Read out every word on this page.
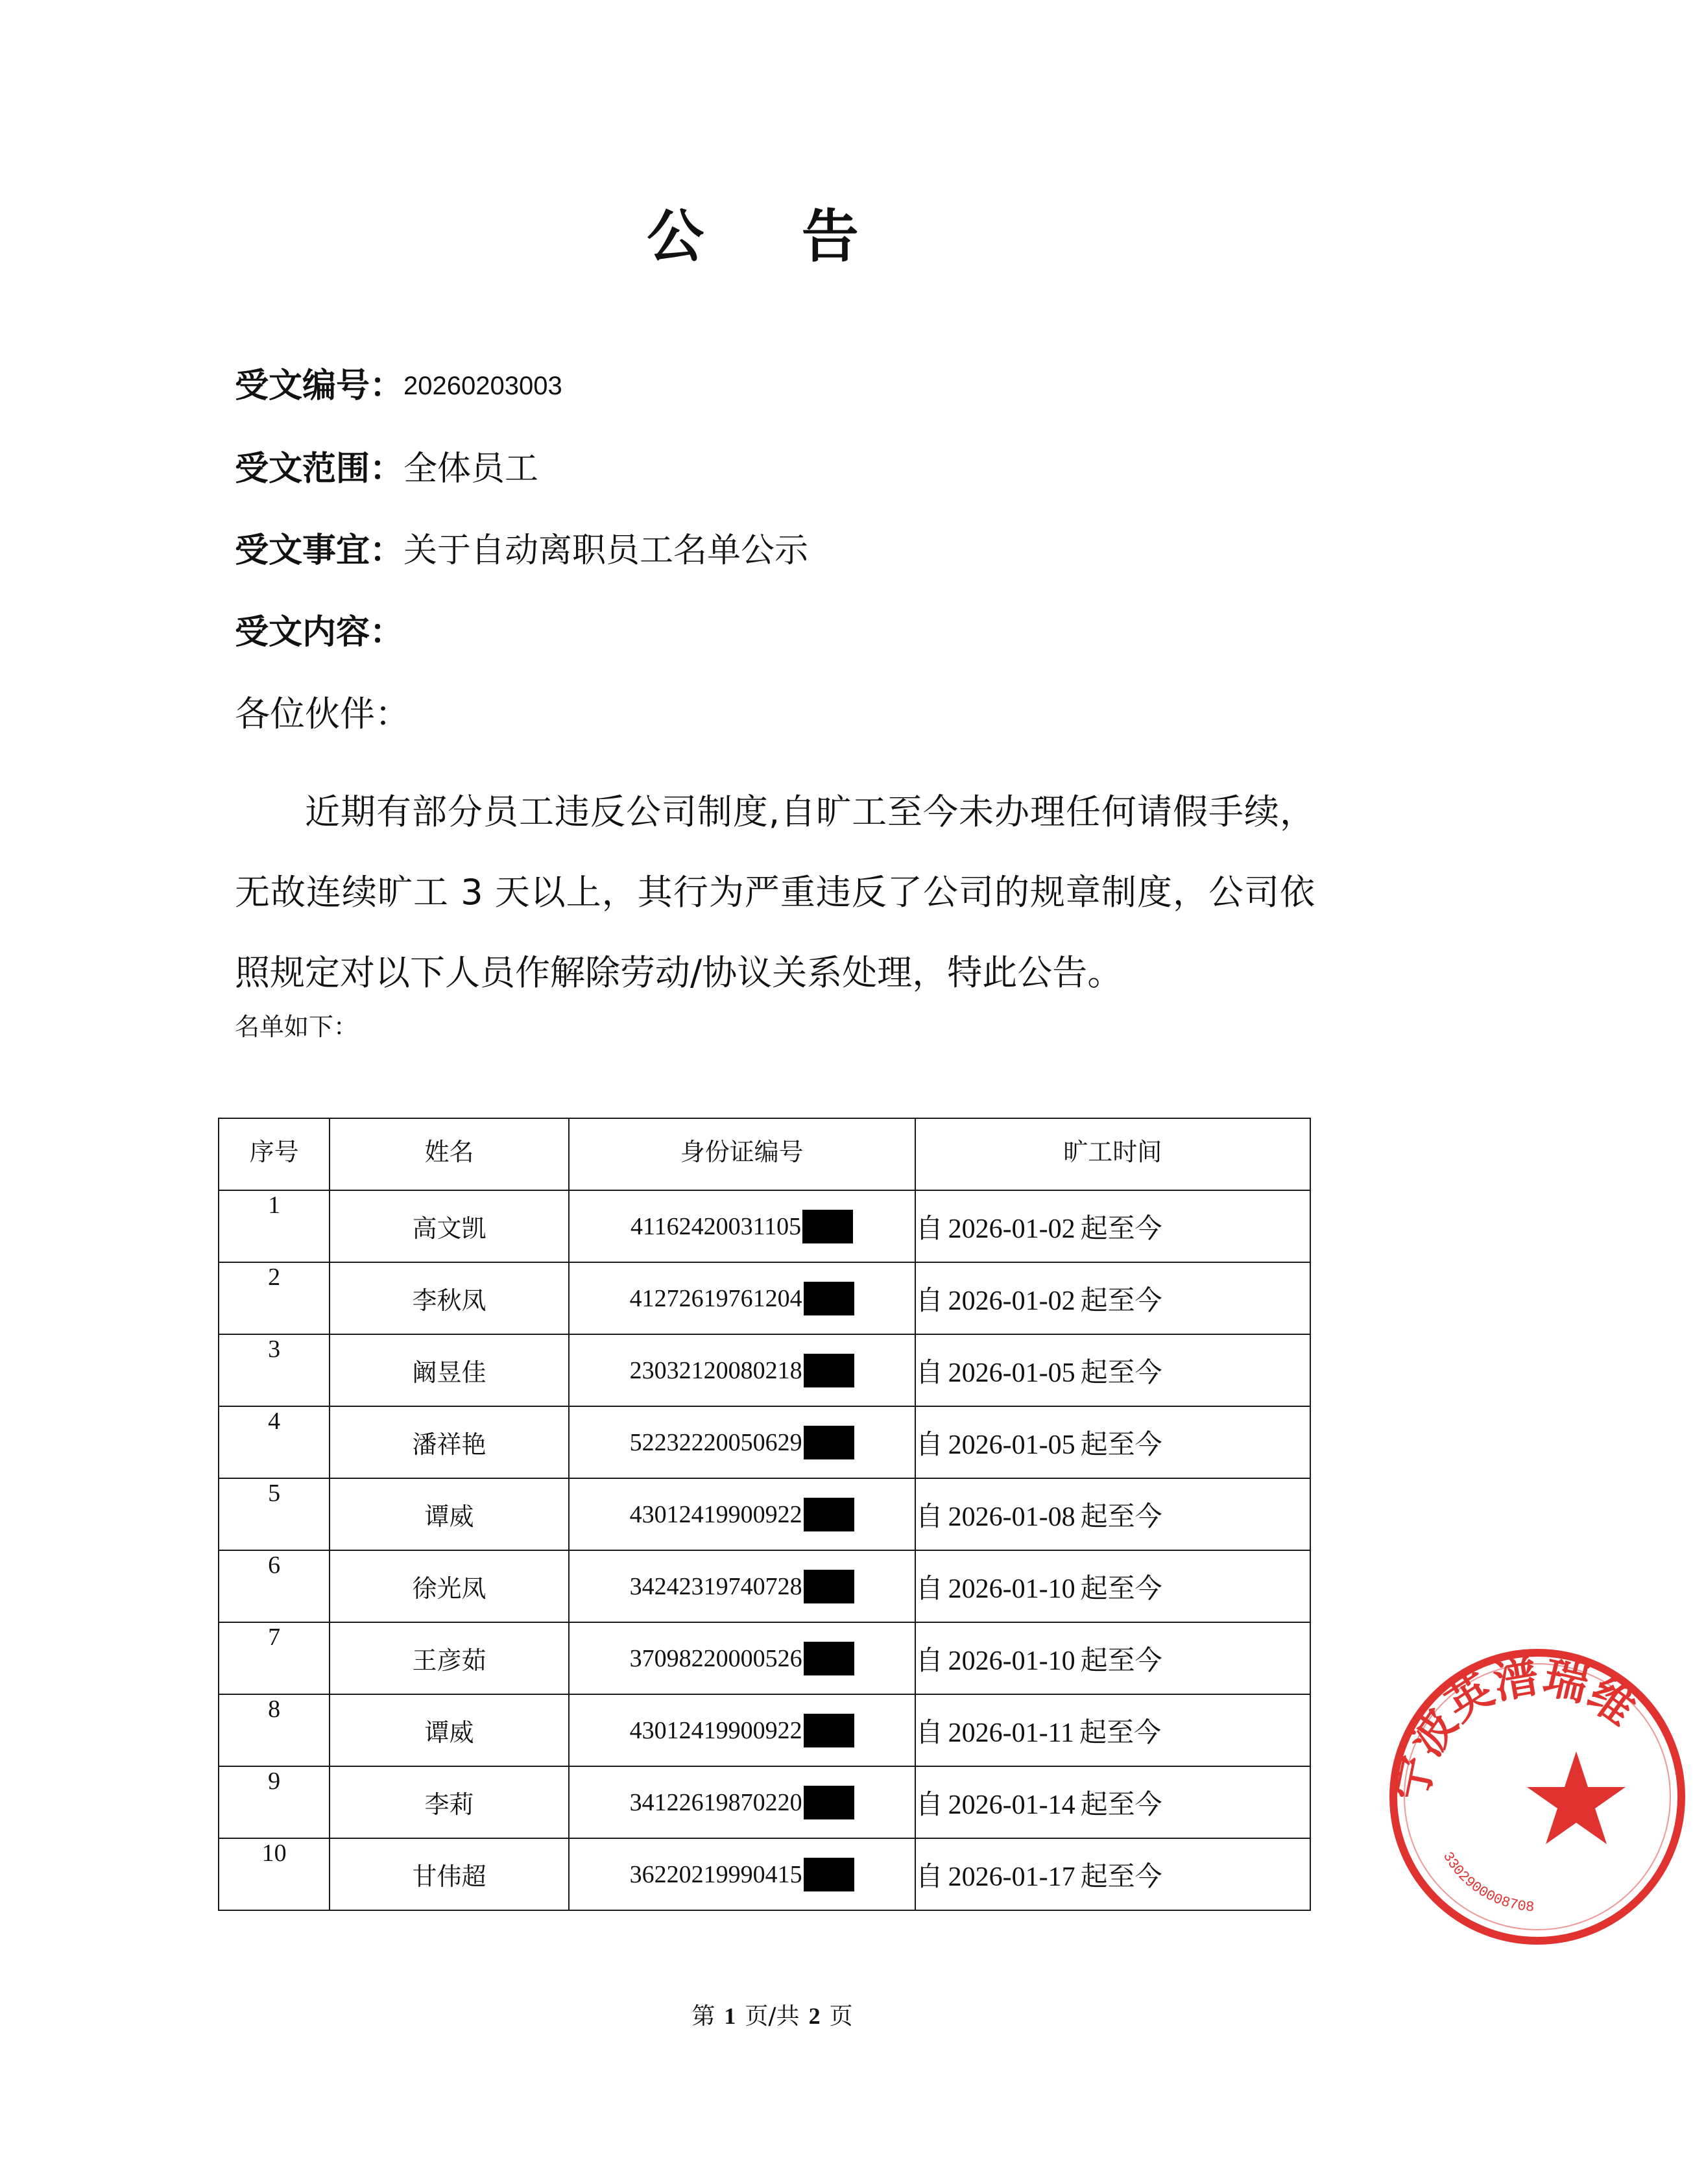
公 告
受文编号：20260203003
受文范围：全体员工
受文事宜：关于自动离职员工名单公示
受文内容：
各位伙伴：
近期有部分员工违反公司制度,自旷工至今未办理任何请假手续，无故连续旷工 3 天以上，其行为严重违反了公司的规章制度，公司依照规定对以下人员作解除劳动/协议关系处理，特此公告。
名单如下：
序号	姓名	身份证编号	旷工时间
1	高文凯	41162420031105	自 2026-01-02 起至今
2	李秋凤	41272619761204	自 2026-01-02 起至今
3	阚昱佳	23032120080218	自 2026-01-05 起至今
4	潘祥艳	52232220050629	自 2026-01-05 起至今
5	谭威	43012419900922	自 2026-01-08 起至今
6	徐光凤	34242319740728	自 2026-01-10 起至今
7	王彦茹	37098220000526	自 2026-01-10 起至今
8	谭威	43012419900922	自 2026-01-11 起至今
9	李莉	34122619870220	自 2026-01-14 起至今
10	甘伟超	36220219990415	自 2026-01-17 起至今
第 1 页/共 2 页
宁波英潽瑞维
3302900008708
